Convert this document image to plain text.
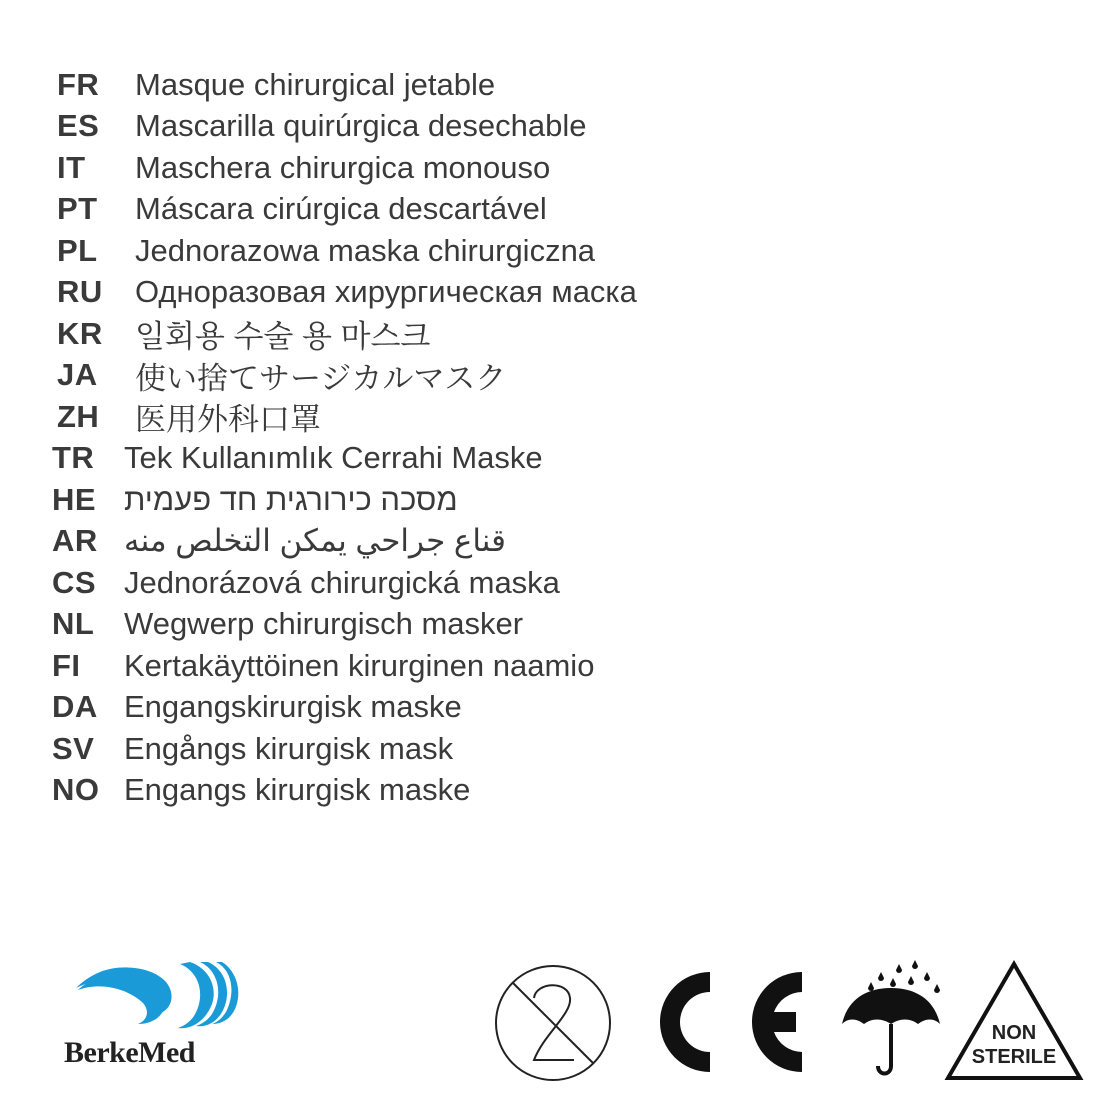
FR	Masque chirurgical jetable
ES	Mascarilla quirúrgica desechable
IT	Maschera chirurgica monouso
PT	Máscara cirúrgica descartável
PL	Jednorazowa maska chirurgiczna
RU	Одноразовая хирургическая маска
KR	일회용 수술 용 마스크
JA	使い捨てサージカルマスク
ZH	医用外科口罩
TR Tek Kullanımlık Cerrahi Maske
HE מסכה כירורגית חד פעמית
AR قناع جراحي يمكن التخلص منه
CS Jednorázová chirurgická maska
NL Wegwerp chirurgisch masker
FI	Kertakäyttöinen kirurginen naamio
DA Engangskirurgisk maske
SV Engångs kirurgisk mask
NO Engangs kirurgisk maske
BerkeMed
NON
STERILE
